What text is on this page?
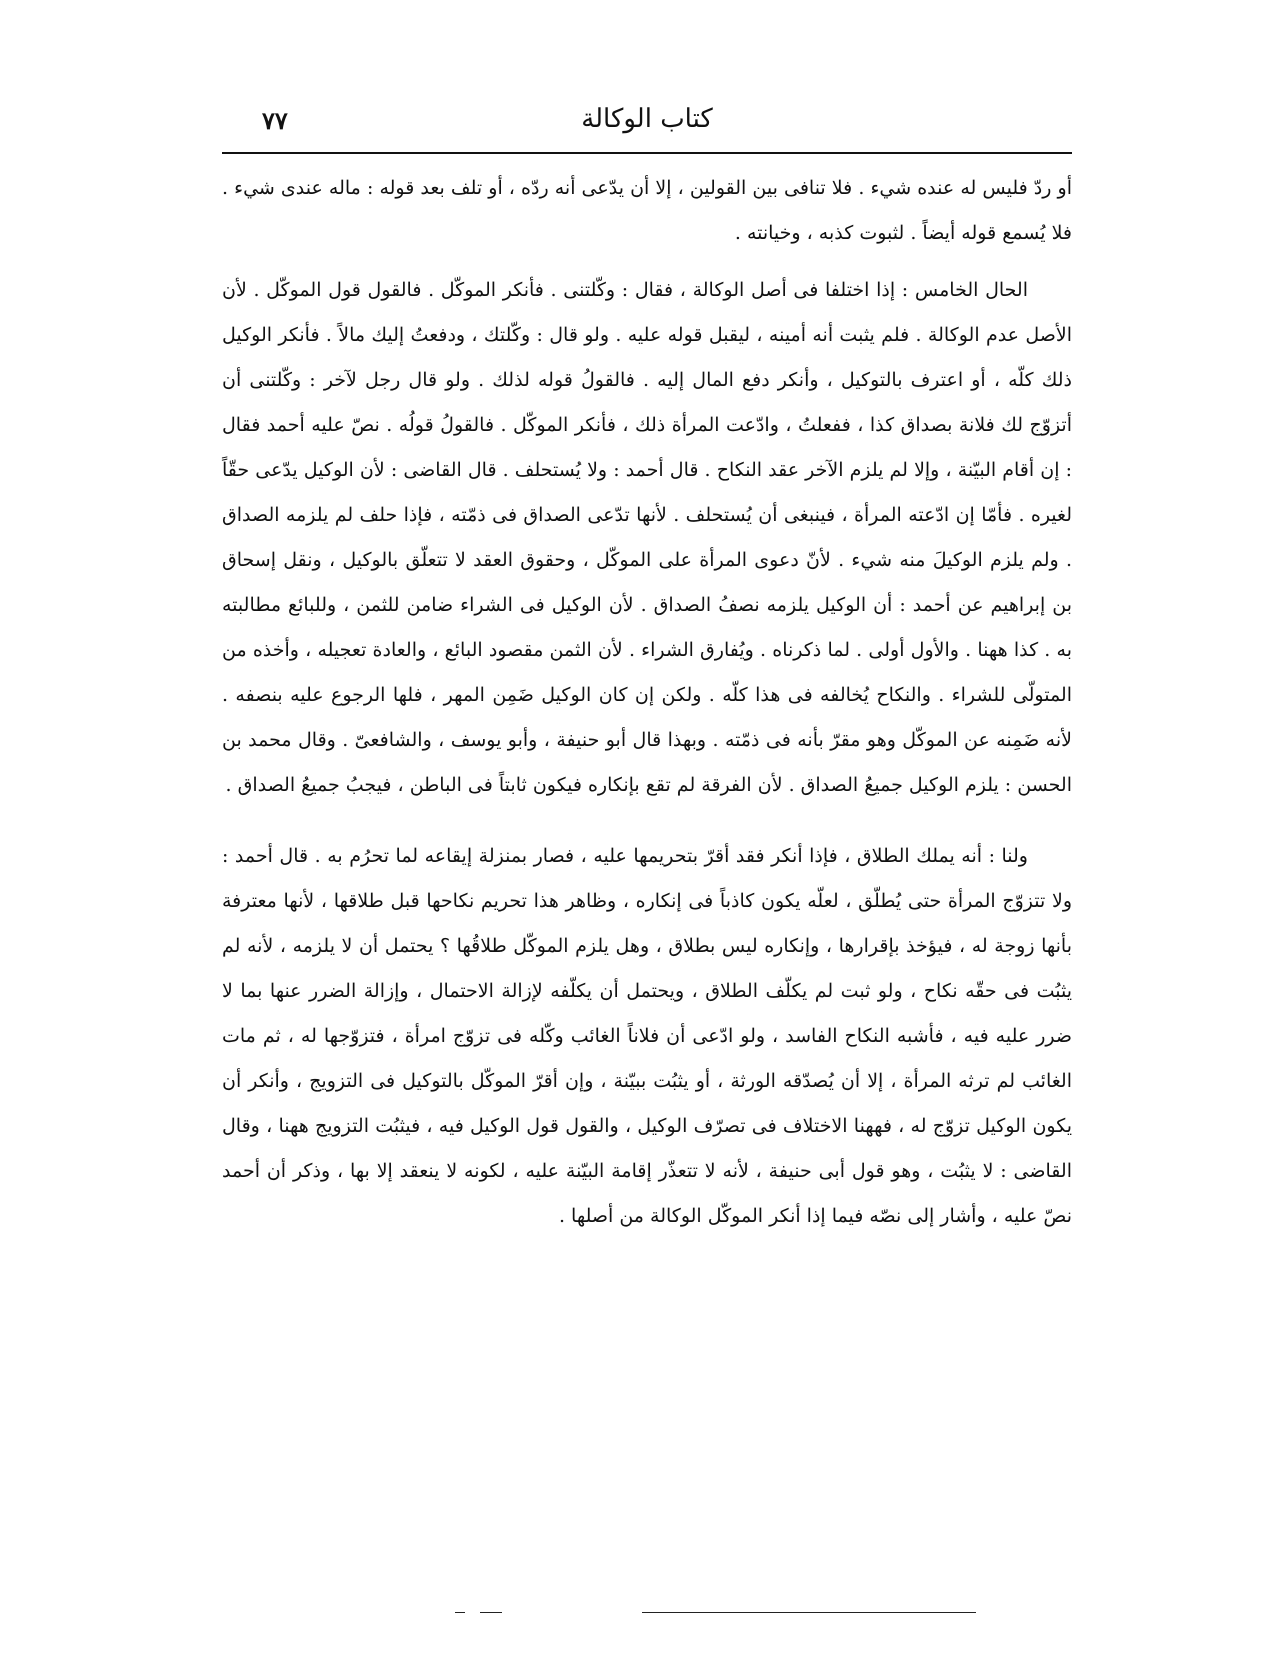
٧٧	كتاب الوكالة

أو ردّ فليس له عنده شيء . فلا تنافى بين القولين ، إلا أن يدّعى أنه ردّه ، أو تلف بعد قوله : ماله عندى شيء . فلا يُسمع قوله أيضاً . لثبوت كذبه ، وخيانته .

الحال الخامس : إذا اختلفا فى أصل الوكالة ، فقال : وكّلتنى . فأنكر الموكّل . فالقول قول الموكّل . لأن الأصل عدم الوكالة . فلم يثبت أنه أمينه ، ليقبل قوله عليه . ولو قال : وكّلتك ، ودفعتُ إليك مالاً . فأنكر الوكيل ذلك كلّه ، أو اعترف بالتوكيل ، وأنكر دفع المال إليه . فالقولُ قوله لذلك . ولو قال رجل لآخر : وكّلتنى أن أتزوّج لك فلانة بصداق كذا ، ففعلتُ ، وادّعت المرأة ذلك ، فأنكر الموكّل . فالقولُ قولُه . نصّ عليه أحمد فقال : إن أقام البيّنة ، وإلا لم يلزم الآخر عقد النكاح . قال أحمد : ولا يُستحلف . قال القاضى : لأن الوكيل يدّعى حقّاً لغيره . فأمّا إن ادّعته المرأة ، فينبغى أن يُستحلف . لأنها تدّعى الصداق فى ذمّته ، فإذا حلف لم يلزمه الصداق . ولم يلزم الوكيلَ منه شيء . لأنّ دعوى المرأة على الموكّل ، وحقوق العقد لا تتعلّق بالوكيل ، ونقل إسحاق بن إبراهيم عن أحمد : أن الوكيل يلزمه نصفُ الصداق . لأن الوكيل فى الشراء ضامن للثمن ، وللبائع مطالبته به . كذا ههنا . والأول أولى . لما ذكرناه . ويُفارق الشراء . لأن الثمن مقصود البائع ، والعادة تعجيله ، وأخذه من المتولّى للشراء . والنكاح يُخالفه فى هذا كلّه . ولكن إن كان الوكيل ضَمِن المهر ، فلها الرجوع عليه بنصفه . لأنه ضَمِنه عن الموكّل وهو مقرّ بأنه فى ذمّته . وبهذا قال أبو حنيفة ، وأبو يوسف ، والشافعىّ . وقال محمد بن الحسن : يلزم الوكيل جميعُ الصداق . لأن الفرقة لم تقع بإنكاره فيكون ثابتاً فى الباطن ، فيجبُ جميعُ الصداق .

ولنا : أنه يملك الطلاق ، فإذا أنكر فقد أقرّ بتحريمها عليه ، فصار بمنزلة إيقاعه لما تحرُم به . قال أحمد : ولا تتزوّج المرأة حتى يُطلّق ، لعلّه يكون كاذباً فى إنكاره ، وظاهر هذا تحريم نكاحها قبل طلاقها ، لأنها معترفة بأنها زوجة له ، فيؤخذ بإقرارها ، وإنكاره ليس بطلاق ، وهل يلزم الموكّل طلاقُها ؟ يحتمل أن لا يلزمه ، لأنه لم يثبُت فى حقّه نكاح ، ولو ثبت لم يكلّف الطلاق ، ويحتمل أن يكلّفه لإزالة الاحتمال ، وإزالة الضرر عنها بما لا ضرر عليه فيه ، فأشبه النكاح الفاسد ، ولو ادّعى أن فلاناً الغائب وكّله فى تزوّج امرأة ، فتزوّجها له ، ثم مات الغائب لم ترثه المرأة ، إلا أن يُصدّقه الورثة ، أو يثبُت ببيّنة ، وإن أقرّ الموكّل بالتوكيل فى التزويج ، وأنكر أن يكون الوكيل تزوّج له ، فههنا الاختلاف فى تصرّف الوكيل ، والقول قول الوكيل فيه ، فيثبُت التزويج ههنا ، وقال القاضى : لا يثبُت ، وهو قول أبى حنيفة ، لأنه لا تتعذّر إقامة البيّنة عليه ، لكونه لا ينعقد إلا بها ، وذكر أن أحمد نصّ عليه ، وأشار إلى نصّه فيما إذا أنكر الموكّل الوكالة من أصلها .
